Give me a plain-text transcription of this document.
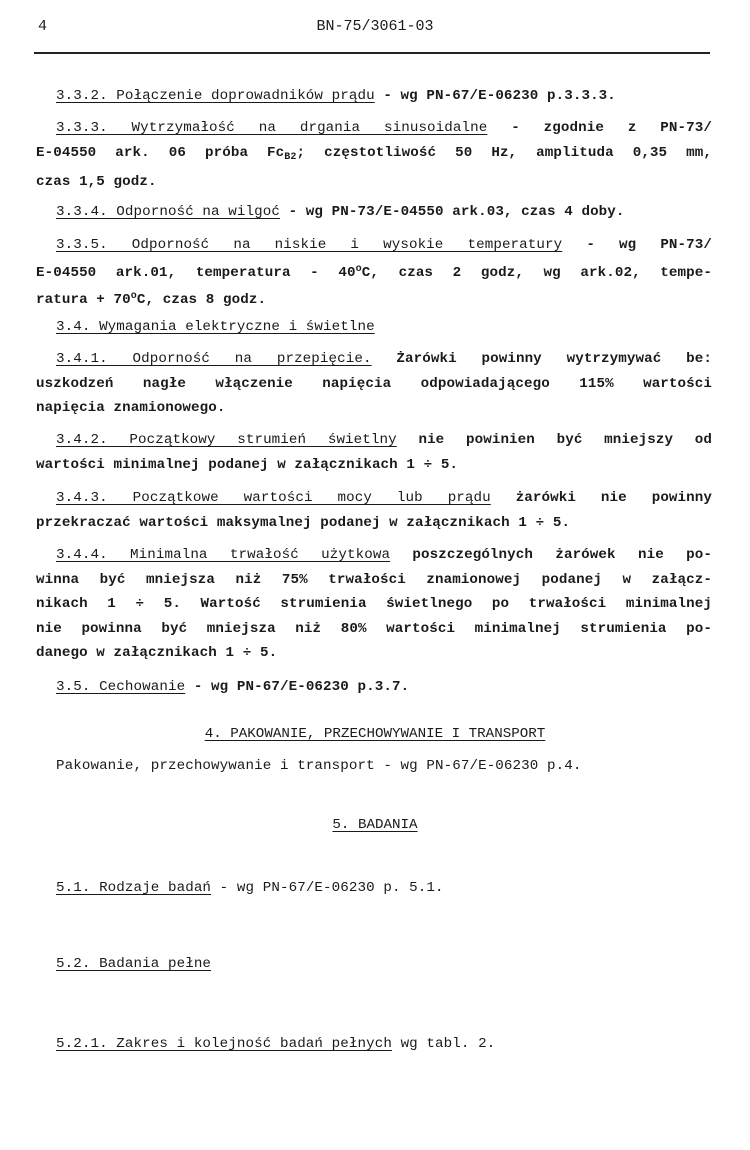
4	BN-75/3061-03
3.3.2. Połączenie doprowadników prądu - wg PN-67/E-06230 p.3.3.3.
3.3.3. Wytrzymałość na drgania sinusoidalne - zgodnie z PN-73/
E-04550 ark. 06 próba $Fc_{B2}$; częstotliwość 50 Hz, amplituda 0,35 mm,
czas 1,5 godz.
3.3.4. Odporność na wilgoć - wg PN-73/E-04550 ark.03, czas 4 doby.
3.3.5. Odporność na niskie i wysokie temperatury - wg PN-73/
E-04550 ark.01, temperatura - 40$^o$C, czas 2 godz, wg ark.02, tempe-
ratura + $70^oC$, czas 8 godz.
3.4. Wymagania elektryczne i świetlne
3.4.1. Odporność na przepięcie. Żarówki powinny wytrzymywać be:
uszkodzeń nagłe włączenie napięcia odpowiadającego 115% wartości
napięcia znamionowego.
3.4.2. Początkowy strumień świetlny nie powinien być mniejszy od
wartości minimalnej podanej w załącznikach 1 ÷ 5.
3.4.3. Początkowe wartości mocy lub prądu żarówki nie powinny
przekraczać wartości maksymalnej podanej w załącznikach 1 ÷ 5.
3.4.4. Minimalna trwałość użytkowa poszczególnych żarówek nie po-
winna być mniejsza niż 75% trwałości znamionowej podanej w załącz-
nikach 1 ÷ 5. Wartość strumienia świetlnego po trwałości minimalnej
nie powinna być mniejsza niż 80% wartości minimalnej strumienia po-
danego w załącznikach 1 ÷ 5.
3.5. Cechowanie - wg PN-67/E-06230 p.3.7.
4. PAKOWANIE, PRZECHOWYWANIE I TRANSPORT
Pakowanie, przechowywanie i transport - wg PN-67/E-06230 p.4.
5. BADANIA
5.1. Rodzaje badań - wg PN-67/E-06230 p. 5.1.
5.2. Badania pełne
5.2.1. Zakres i kolejność badań pełnych wg tabl. 2.
